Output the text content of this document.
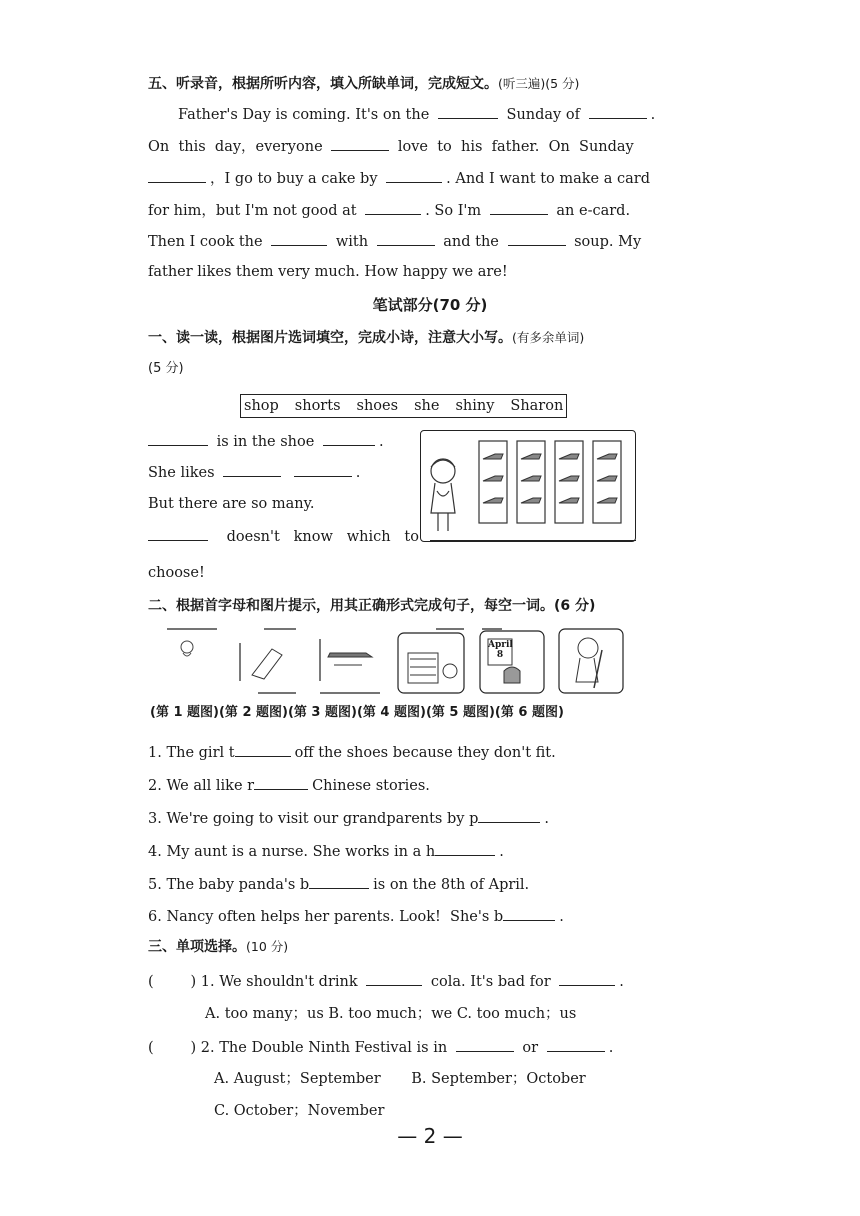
五、听录音，根据所听内容，填入所缺单词，完成短文。(听三遍)(5 分)
Father's Day is coming. It's on the	Sunday of	.
On  this  day，everyone	love  to  his  father.  On  Sunday
，I go to buy a cake by	. And I want to make a card
for him，but I'm not good at	. So I'm	an e-card.
Then I cook the	with	and the	soup. My
father likes them very much. How happy we are!
笔试部分(70 分)
一、读一读，根据图片选词填空，完成小诗，注意大小写。(有多余单词)
(5 分)
shop shorts shoes she shiny Sharon
is in the shoe	.
She likes	.
But there are so many.
doesn't   know   which   to
choose!
二、根据首字母和图片提示，用其正确形式完成句子，每空一词。(6 分)
April
8
(第 1 题图)(第 2 题图)(第 3 题图)(第 4 题图)(第 5 题图)(第 6 题图)
1. The girl t	off the shoes because they don't fit.
2. We all like r	Chinese stories.
3. We're going to visit our grandparents by p	.
4. My aunt is a nurse. She works in a h	.
5. The baby panda's b	is on the 8th of April.
6. Nancy often helps her parents. Look!  She's b	.
三、单项选择。(10 分)
(        ) 1. We shouldn't drink	cola. It's bad for	.
A. too many；us B. too much；we C. too much；us
(        ) 2. The Double Ninth Festival is in	or	.
A. August；September B. September；October
C. October；November
— 2 —
